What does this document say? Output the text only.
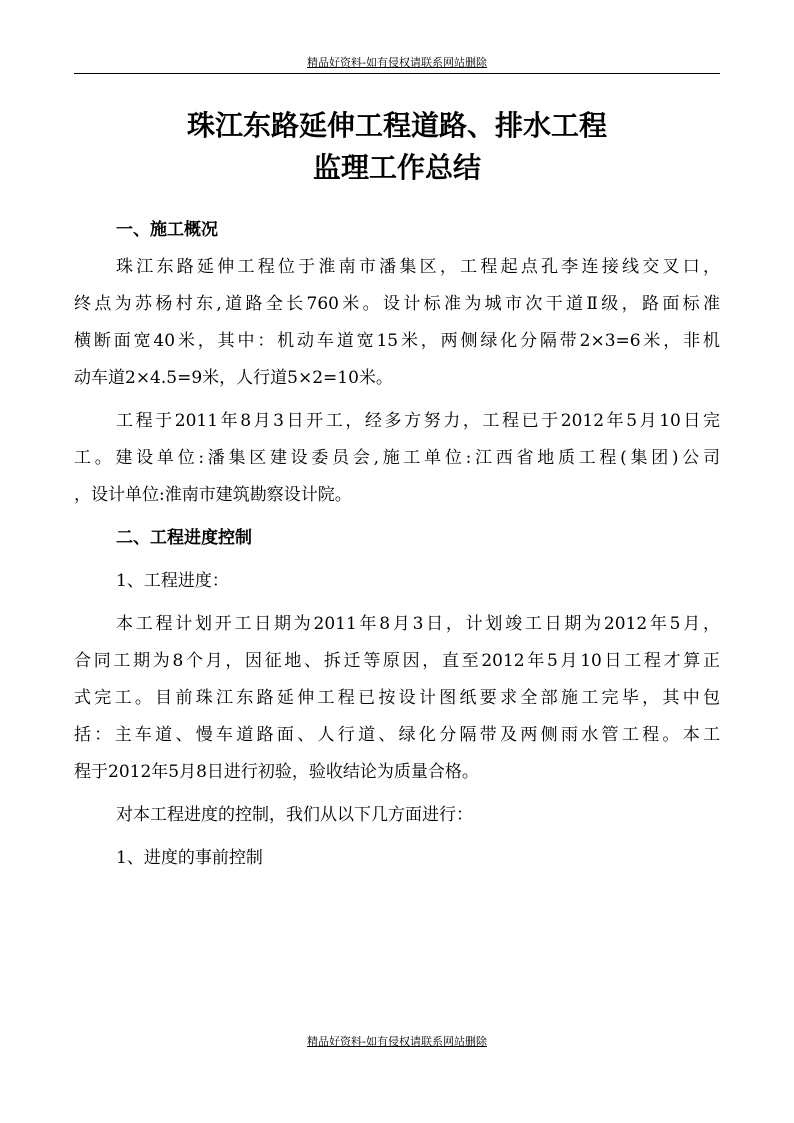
精品好资料-如有侵权请联系网站删除
珠江东路延伸工程道路、排水工程
监理工作总结
一、施工概况
珠江东路延伸工程位于淮南市潘集区，工程起点孔李连接线交叉口，
终点为苏杨村东,道路全长760米。设计标准为城市次干道Ⅱ级，路面标准
横断面宽40米，其中：机动车道宽15米，两侧绿化分隔带2×3=6米，非机
动车道2×4.5=9米，人行道5×2=10米。
工程于2011年8月3日开工，经多方努力，工程已于2012年5月10日完
工。建设单位:潘集区建设委员会,施工单位:江西省地质工程(集团)公司
，设计单位:淮南市建筑勘察设计院。
二、工程进度控制
1、工程进度：
本工程计划开工日期为2011年8月3日，计划竣工日期为2012年5月，
合同工期为8个月，因征地、拆迁等原因，直至2012年5月10日工程才算正
式完工。目前珠江东路延伸工程已按设计图纸要求全部施工完毕，其中包
括：主车道、慢车道路面、人行道、绿化分隔带及两侧雨水管工程。本工
程于2012年5月8日进行初验，验收结论为质量合格。
对本工程进度的控制，我们从以下几方面进行：
1、进度的事前控制
精品好资料-如有侵权请联系网站删除
